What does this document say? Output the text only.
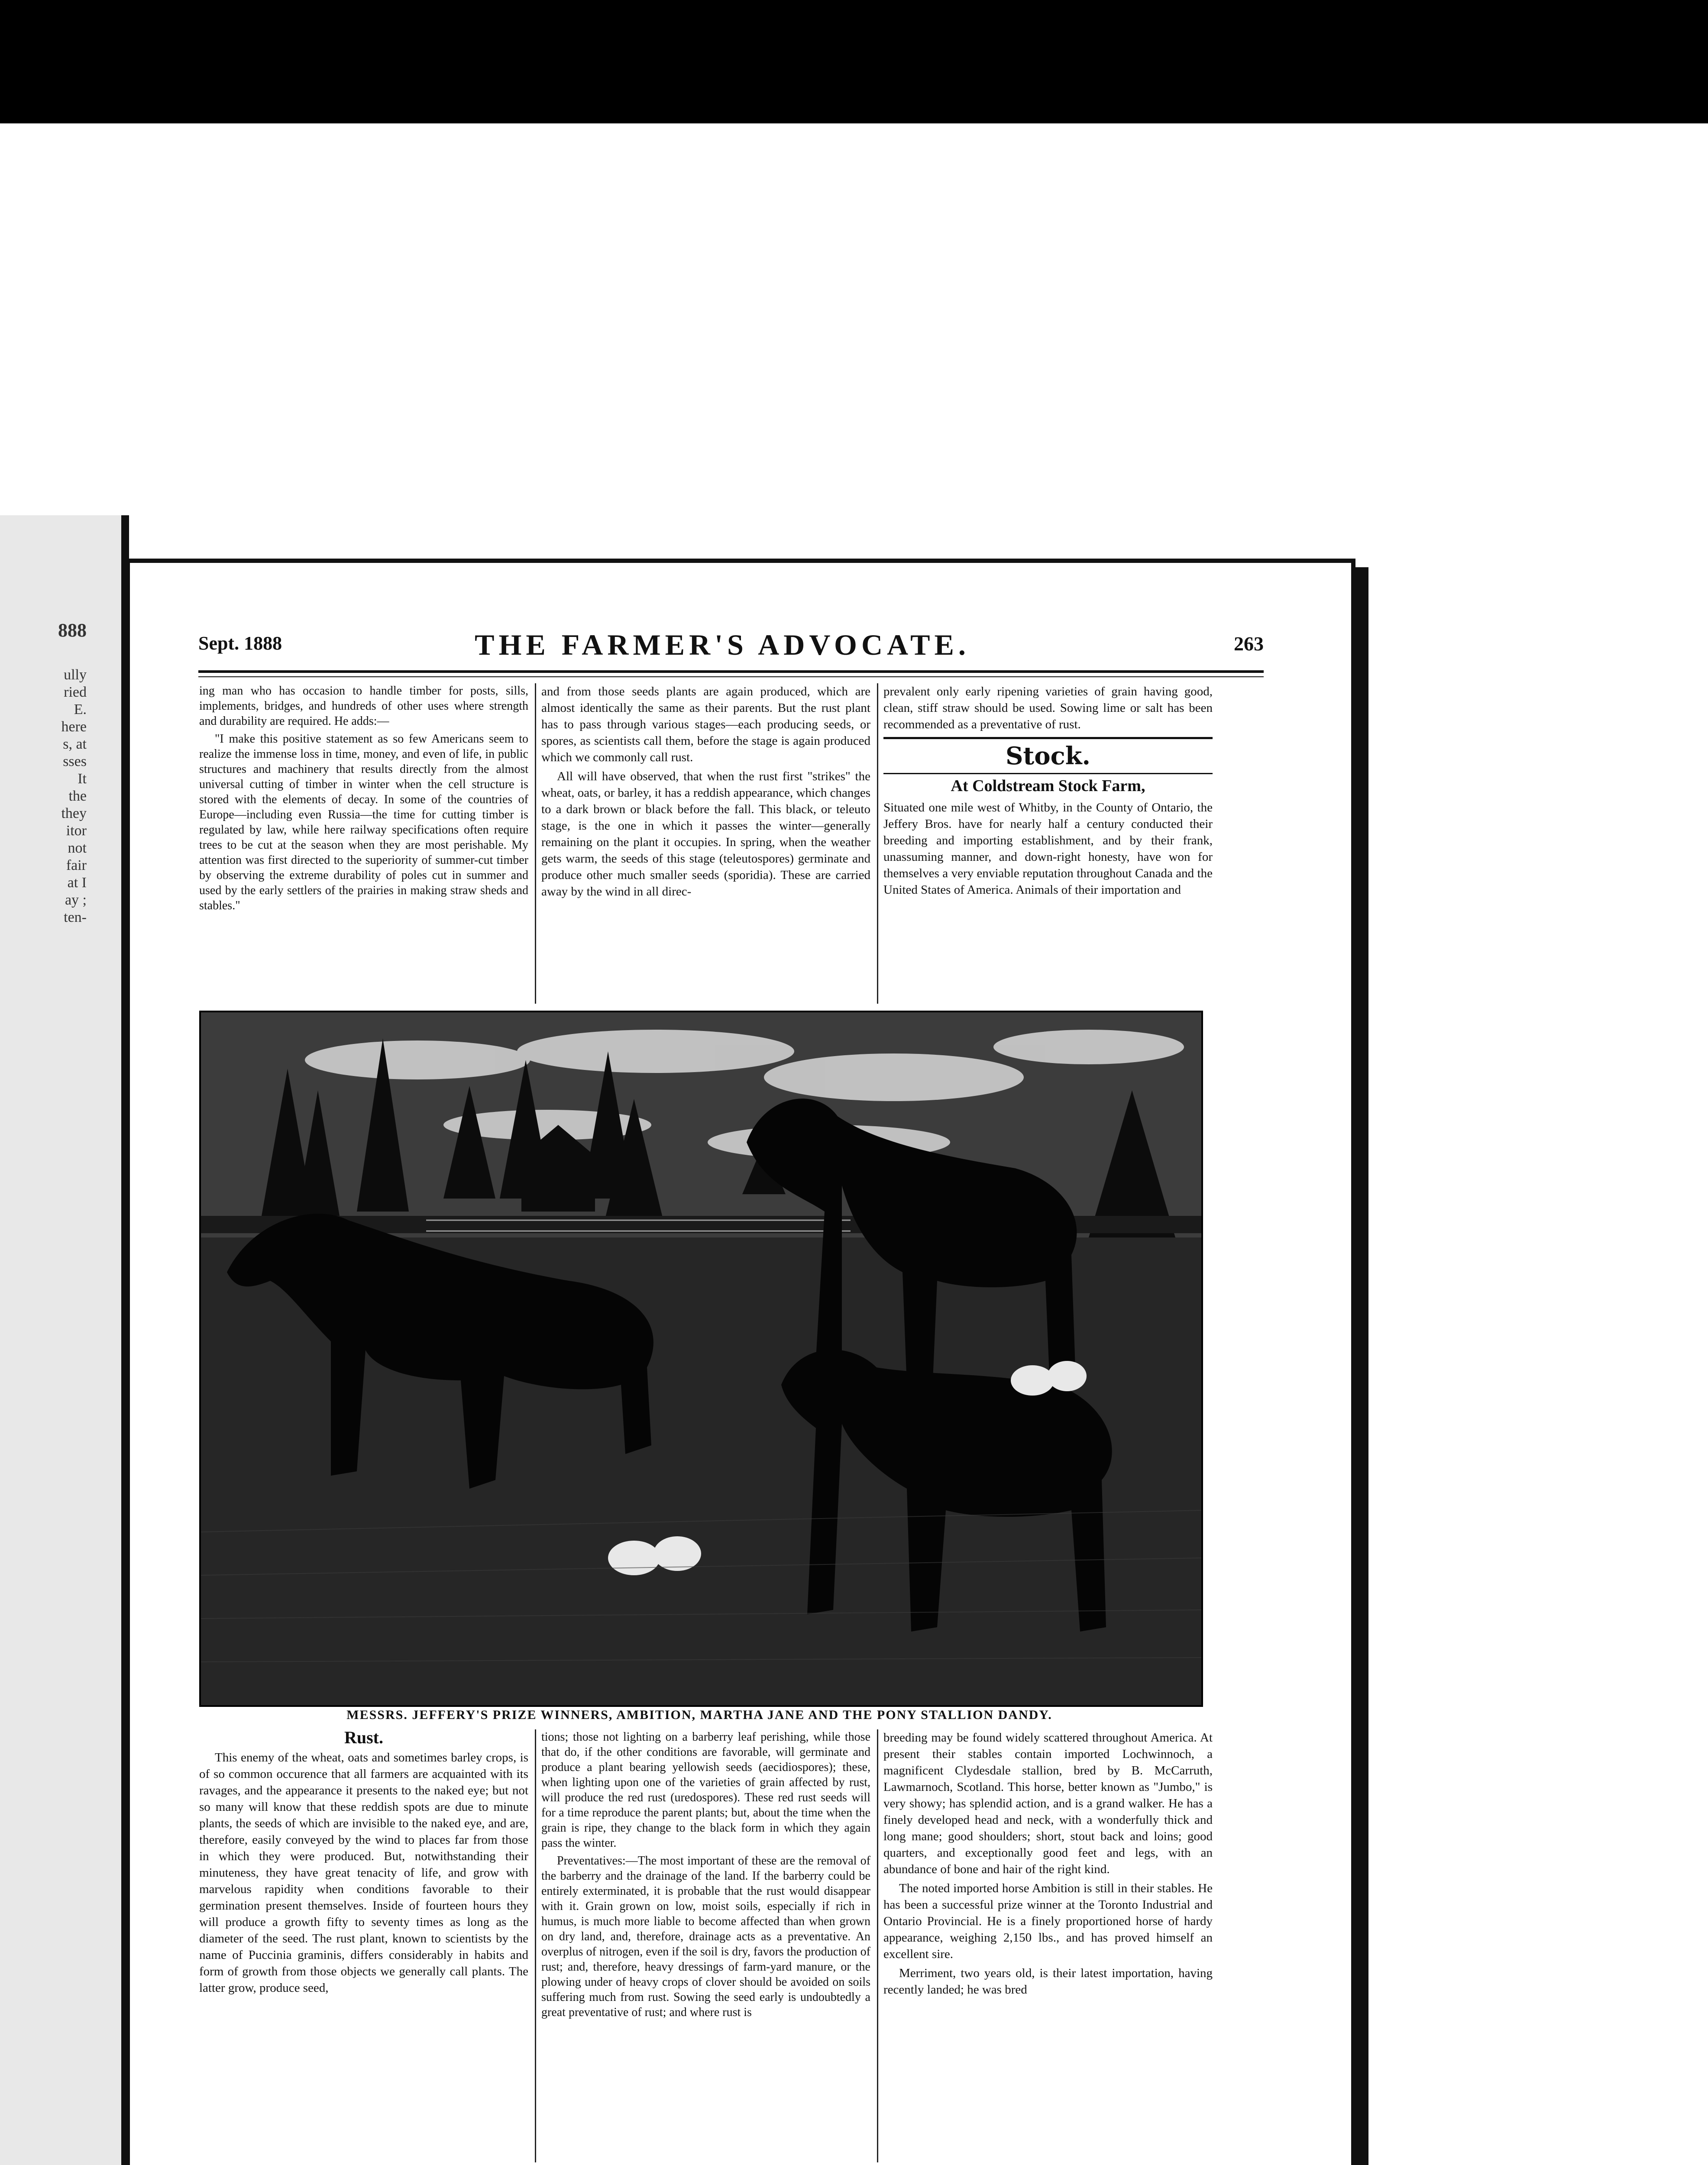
888
ully
ried
E.
here
s, at
sses
It
the
they
itor
not
fair
at I
ay ;
ten-
Sept. 1888	THE FARMER'S ADVOCATE.	263

ing man who has occasion to handle timber for posts, sills, implements, bridges, and hundreds of other uses where strength and durability are required. He adds:—

"I make this positive statement as so few Americans seem to realize the immense loss in time, money, and even of life, in public structures and machinery that results directly from the almost universal cutting of timber in winter when the cell structure is stored with the elements of decay. In some of the countries of Europe—including even Russia—the time for cutting timber is regulated by law, while here railway specifications often require trees to be cut at the season when they are most perishable. My attention was first directed to the superiority of summer-cut timber by observing the extreme durability of poles cut in summer and used by the early settlers of the prairies in making straw sheds and stables."

and from those seeds plants are again produced, which are almost identically the same as their parents. But the rust plant has to pass through various stages—each producing seeds, or spores, as scientists call them, before the stage is again produced which we commonly call rust.

All will have observed, that when the rust first "strikes" the wheat, oats, or barley, it has a reddish appearance, which changes to a dark brown or black before the fall. This black, or teleuto stage, is the one in which it passes the winter—generally remaining on the plant it occupies. In spring, when the weather gets warm, the seeds of this stage (teleutospores) germinate and produce other much smaller seeds (sporidia). These are carried away by the wind in all direc-

prevalent only early ripening varieties of grain having good, clean, stiff straw should be used. Sowing lime or salt has been recommended as a preventative of rust.

Stock.
At Coldstream Stock Farm,

Situated one mile west of Whitby, in the County of Ontario, the Jeffery Bros. have for nearly half a century conducted their breeding and importing establishment, and by their frank, unassuming manner, and down-right honesty, have won for themselves a very enviable reputation throughout Canada and the United States of America. Animals of their importation and

MESSRS. JEFFERY'S PRIZE WINNERS, AMBITION, MARTHA JANE AND THE PONY STALLION DANDY.
Rust.

This enemy of the wheat, oats and sometimes barley crops, is of so common occurence that all farmers are acquainted with its ravages, and the appearance it presents to the naked eye; but not so many will know that these reddish spots are due to minute plants, the seeds of which are invisible to the naked eye, and are, therefore, easily conveyed by the wind to places far from those in which they were produced. But, notwithstanding their minuteness, they have great tenacity of life, and grow with marvelous rapidity when conditions favorable to their germination present themselves. Inside of fourteen hours they will produce a growth fifty to seventy times as long as the diameter of the seed. The rust plant, known to scientists by the name of Puccinia graminis, differs considerably in habits and form of growth from those objects we generally call plants. The latter grow, produce seed,

tions; those not lighting on a barberry leaf perishing, while those that do, if the other conditions are favorable, will germinate and produce a plant bearing yellowish seeds (aecidiospores); these, when lighting upon one of the varieties of grain affected by rust, will produce the red rust (uredospores). These red rust seeds will for a time reproduce the parent plants; but, about the time when the grain is ripe, they change to the black form in which they again pass the winter.

Preventatives:—The most important of these are the removal of the barberry and the drainage of the land. If the barberry could be entirely exterminated, it is probable that the rust would disappear with it. Grain grown on low, moist soils, especially if rich in humus, is much more liable to become affected than when grown on dry land, and, therefore, drainage acts as a preventative. An overplus of nitrogen, even if the soil is dry, favors the production of rust; and, therefore, heavy dressings of farm-yard manure, or the plowing under of heavy crops of clover should be avoided on soils suffering much from rust. Sowing the seed early is undoubtedly a great preventative of rust; and where rust is

breeding may be found widely scattered throughout America. At present their stables contain imported Lochwinnoch, a magnificent Clydesdale stallion, bred by B. McCarruth, Lawmarnoch, Scotland. This horse, better known as "Jumbo," is very showy; has splendid action, and is a grand walker. He has a finely developed head and neck, with a wonderfully thick and long mane; good shoulders; short, stout back and loins; good quarters, and exceptionally good feet and legs, with an abundance of bone and hair of the right kind.

The noted imported horse Ambition is still in their stables. He has been a successful prize winner at the Toronto Industrial and Ontario Provincial. He is a finely proportioned horse of hardy appearance, weighing 2,150 lbs., and has proved himself an excellent sire.

Merriment, two years old, is their latest importation, having recently landed; he was bred
